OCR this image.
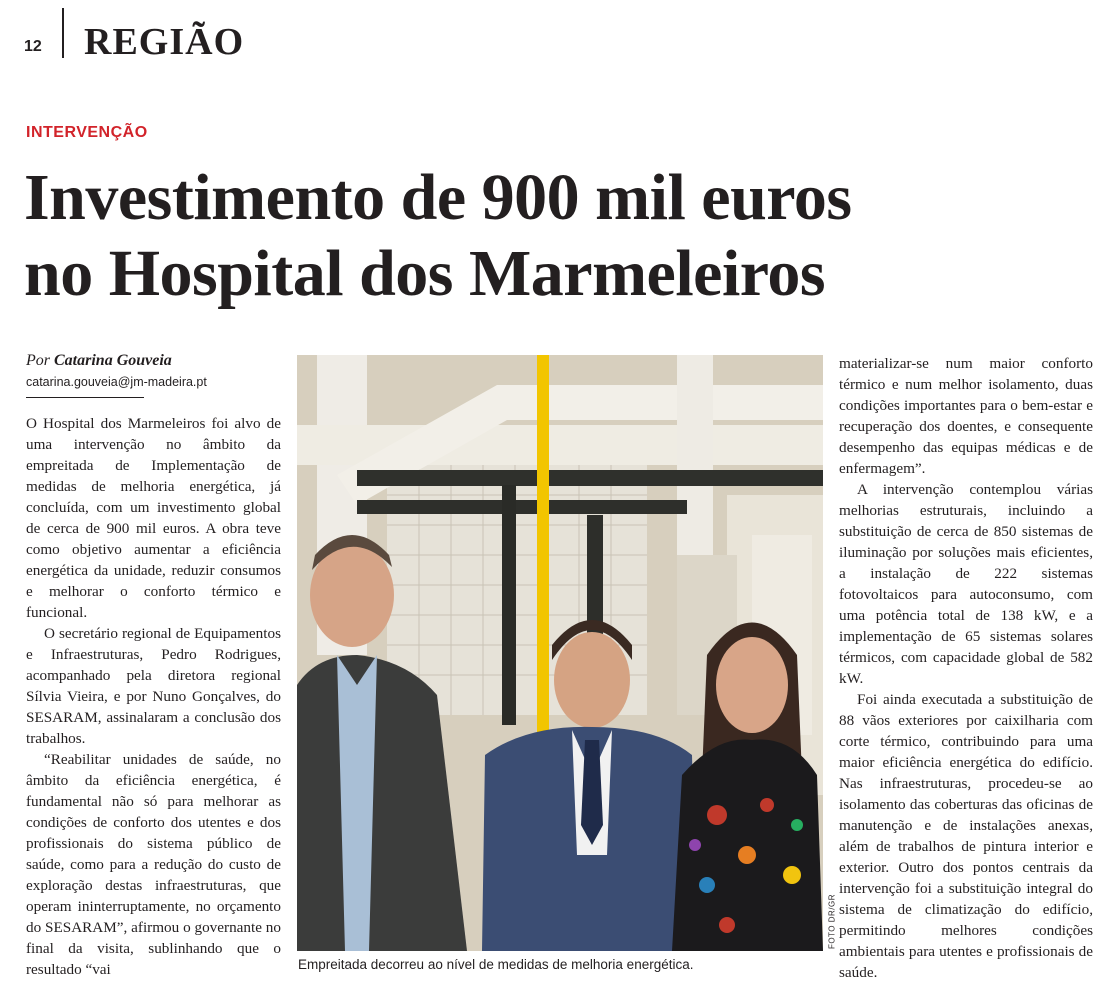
12 REGIÃO
INTERVENÇÃO
Investimento de 900 mil euros
no Hospital dos Marmeleiros
Por Catarina Gouveia
catarina.gouveia@jm-madeira.pt

O Hospital dos Marmeleiros foi alvo de uma intervenção no âmbito da empreitada de Implementação de medidas de melhoria energética, já concluída, com um investimento global de cerca de 900 mil euros. A obra teve como objetivo aumentar a eficiência energética da unidade, reduzir consumos e melhorar o conforto térmico e funcional.

O secretário regional de Equipamentos e Infraestruturas, Pedro Rodrigues, acompanhado pela diretora regional Sílvia Vieira, e por Nuno Gonçalves, do SESARAM, assinalaram a conclusão dos trabalhos.

“Reabilitar unidades de saúde, no âmbito da eficiência energética, é fundamental não só para melhorar as condições de conforto dos utentes e dos profissionais do sistema público de saúde, como para a redução do custo de exploração destas infraestruturas, que operam ininterruptamente, no orçamento do SESARAM”, afirmou o governante no final da visita, sublinhando que o resultado “vai

FOTO DR/GR
Empreitada decorreu ao nível de medidas de melhoria energética.

materializar-se num maior conforto térmico e num melhor isolamento, duas condições importantes para o bem-estar e recuperação dos doentes, e consequente desempenho das equipas médicas e de enfermagem”.

A intervenção contemplou várias melhorias estruturais, incluindo a substituição de cerca de 850 sistemas de iluminação por soluções mais eficientes, a instalação de 222 sistemas fotovoltaicos para autoconsumo, com uma potência total de 138 kW, e a implementação de 65 sistemas solares térmicos, com capacidade global de 582 kW.

Foi ainda executada a substituição de 88 vãos exteriores por caixilharia com corte térmico, contribuindo para uma maior eficiência energética do edifício. Nas infraestruturas, procedeu-se ao isolamento das coberturas das oficinas de manutenção e de instalações anexas, além de trabalhos de pintura interior e exterior. Outro dos pontos centrais da intervenção foi a substituição integral do sistema de climatização do edifício, permitindo melhores condições ambientais para utentes e profissionais de saúde.
